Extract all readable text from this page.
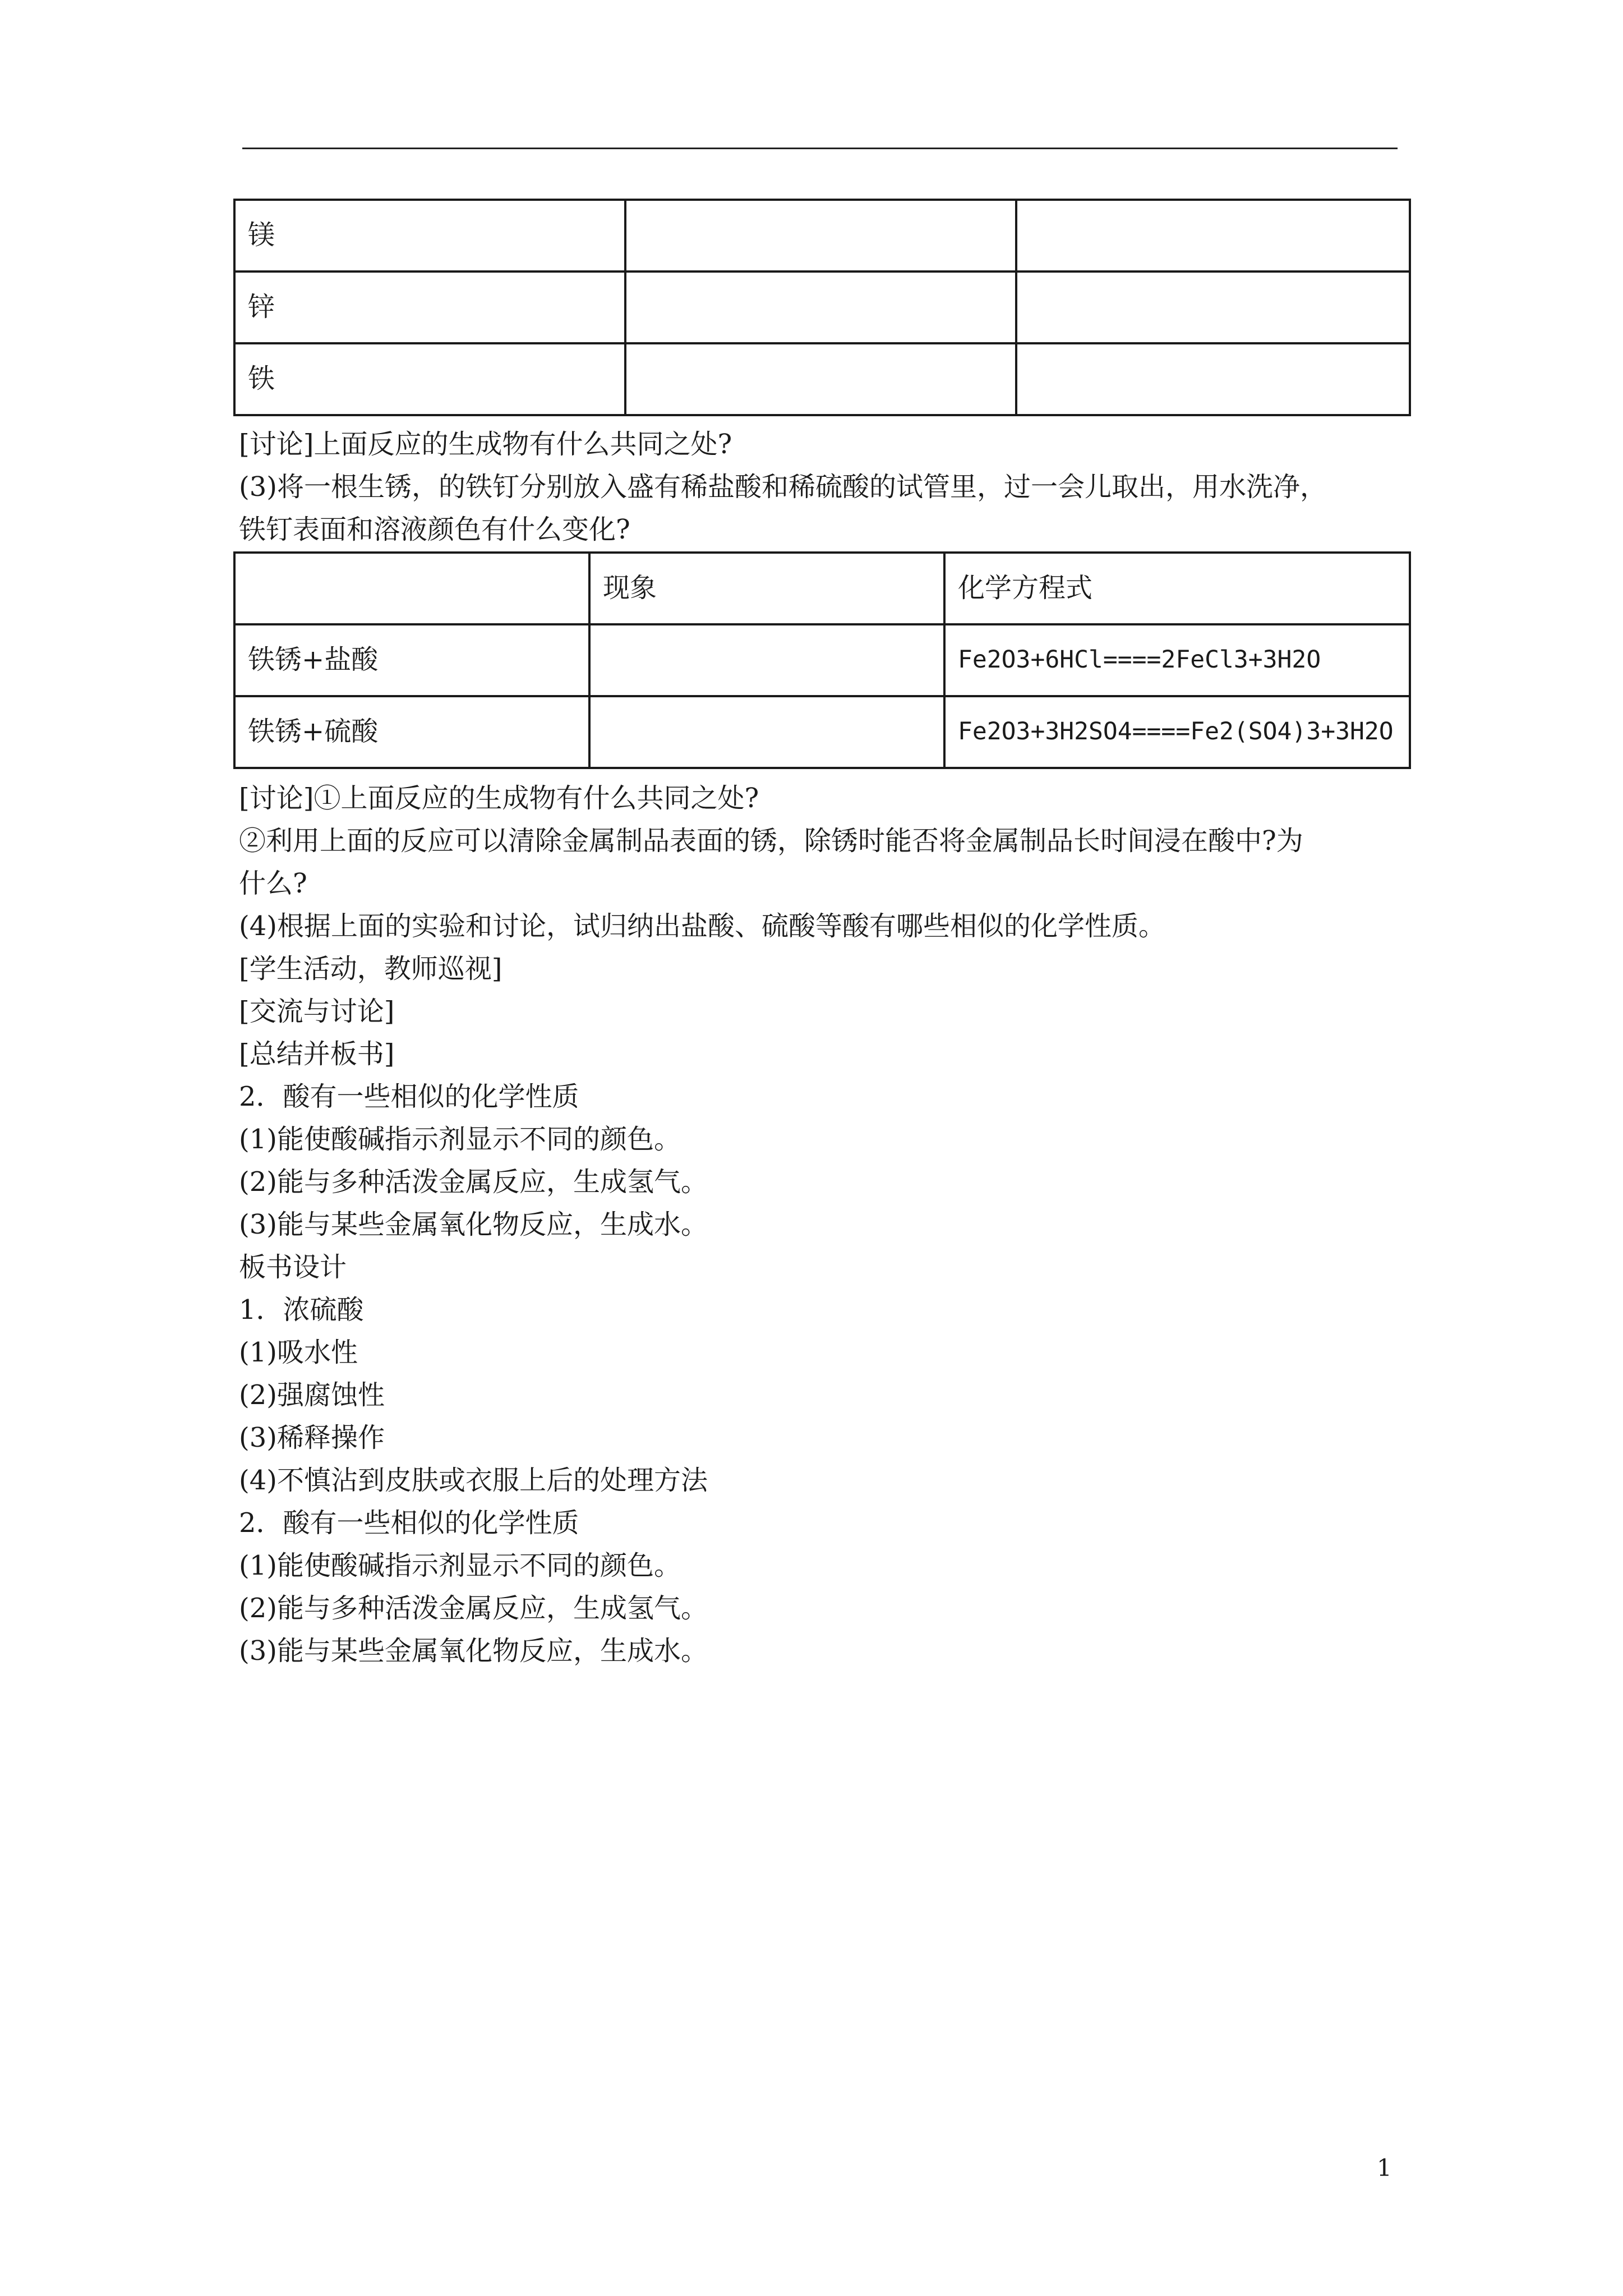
镁		
锌		
铁		

[讨论]上面反应的生成物有什么共同之处?

(3)将一根生锈，的铁钉分别放入盛有稀盐酸和稀硫酸的试管里，过一会儿取出，用水洗净，

铁钉表面和溶液颜色有什么变化?

	现象	化学方程式
铁锈+盐酸		Fe2O3+6HCl====2FeCl3+3H2O
铁锈+硫酸		Fe2O3+3H2SO4====Fe2(SO4)3+3H2O

[讨论]①上面反应的生成物有什么共同之处?

②利用上面的反应可以清除金属制品表面的锈，除锈时能否将金属制品长时间浸在酸中?为

什么?

(4)根据上面的实验和讨论，试归纳出盐酸、硫酸等酸有哪些相似的化学性质。

[学生活动，教师巡视]

[交流与讨论]

[总结并板书]

2．酸有一些相似的化学性质

(1)能使酸碱指示剂显示不同的颜色。

(2)能与多种活泼金属反应，生成氢气。

(3)能与某些金属氧化物反应，生成水。

板书设计

1．浓硫酸

(1)吸水性

(2)强腐蚀性

(3)稀释操作

(4)不慎沾到皮肤或衣服上后的处理方法

2．酸有一些相似的化学性质

(1)能使酸碱指示剂显示不同的颜色。

(2)能与多种活泼金属反应，生成氢气。

(3)能与某些金属氧化物反应，生成水。

1
